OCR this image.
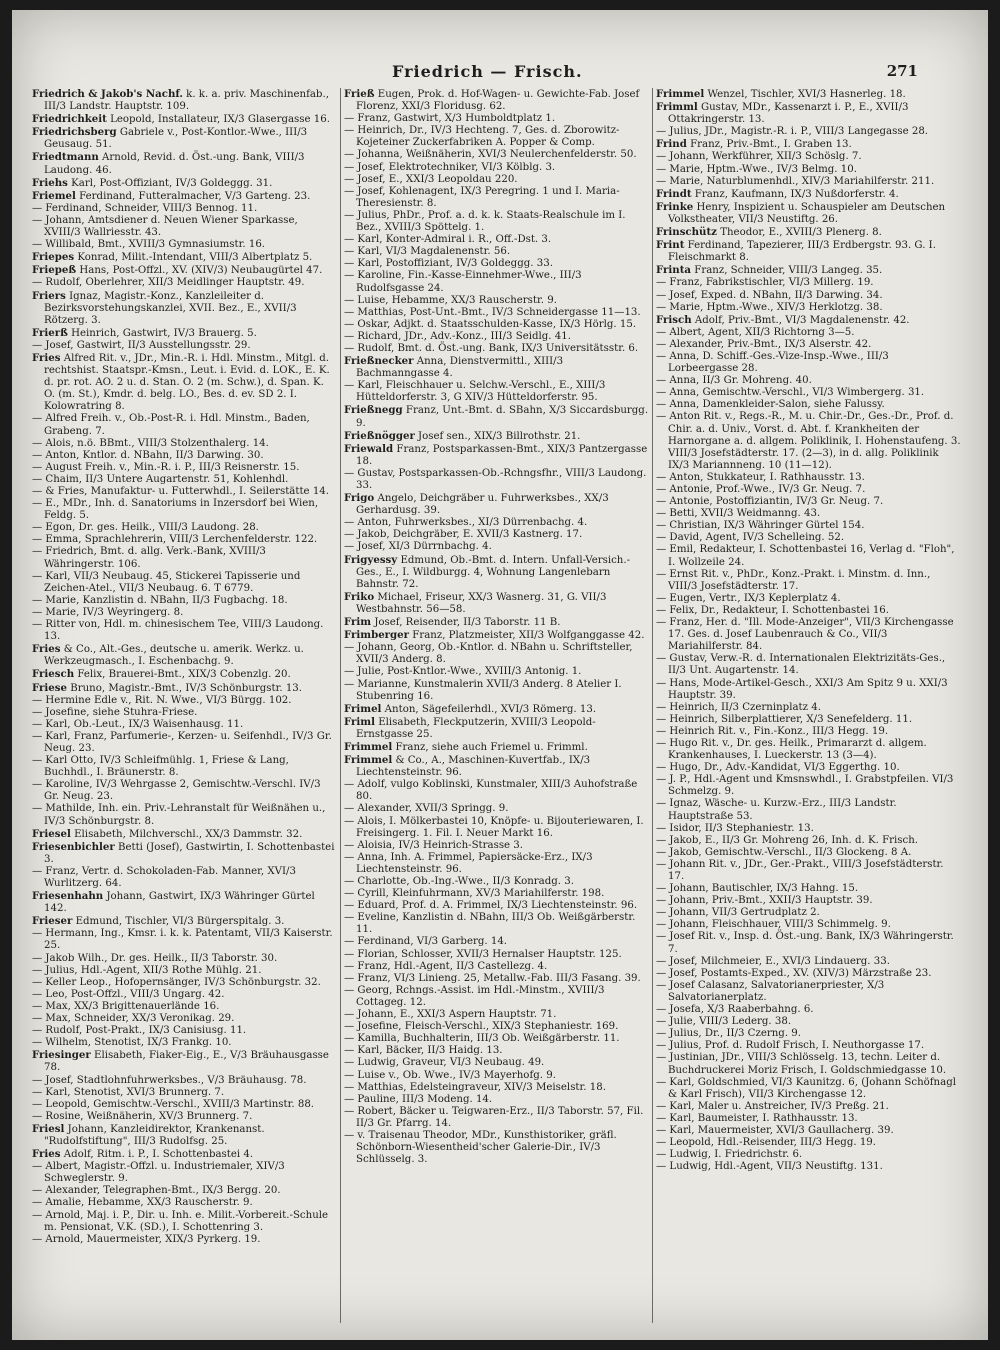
Friedrich — Frisch.	271

Friedrich & Jakob's Nachf. k. k. a. priv. Maschinenfab., III/3 Landstr. Hauptstr. 109.

Friedrichkeit Leopold, Installateur, IX/3 Glasergasse 16.

Friedrichsberg Gabriele v., Post-Kontlor.-Wwe., III/3 Geusaug. 51.

Friedtmann Arnold, Revid. d. Öst.-ung. Bank, VIII/3 Laudong. 46.

Friehs Karl, Post-Offiziant, IV/3 Goldeggg. 31.

Friemel Ferdinand, Futteralmacher, V/3 Garteng. 23.

— Ferdinand, Schneider, VIII/3 Bennog. 11.

— Johann, Amtsdiener d. Neuen Wiener Sparkasse, XVIII/3 Wallriesstr. 43.

— Willibald, Bmt., XVIII/3 Gymnasiumstr. 16.

Friepes Konrad, Milit.-Intendant, VIII/3 Albertplatz 5.

Friepeß Hans, Post-Offzl., XV. (XIV/3) Neubaugürtel 47.

— Rudolf, Oberlehrer, XII/3 Meidlinger Hauptstr. 49.

Friers Ignaz, Magistr.-Konz., Kanzleileiter d. Bezirksvorstehungskanzlei, XVII. Bez., E., XVII/3 Rötzerg. 3.

Frierß Heinrich, Gastwirt, IV/3 Brauerg. 5.

— Josef, Gastwirt, II/3 Ausstellungsstr. 29.

Fries Alfred Rit. v., JDr., Min.-R. i. Hdl. Minstm., Mitgl. d. rechtshist. Staatspr.-Kmsn., Leut. i. Evid. d. LOK., E. K. d. pr. rot. AO. 2 u. d. Stan. O. 2 (m. Schw.), d. Span. K. O. (m. St.), Kmdr. d. belg. LO., Bes. d. ev. SD 2. I. Kolowratring 8.

— Alfred Freih. v., Ob.-Post-R. i. Hdl. Minstm., Baden, Grabeng. 7.

— Alois, n.ö. BBmt., VIII/3 Stolzenthalerg. 14.

— Anton, Kntlor. d. NBahn, II/3 Darwing. 30.

— August Freih. v., Min.-R. i. P., III/3 Reisnerstr. 15.

— Chaim, II/3 Untere Augartenstr. 51, Kohlenhdl.

— & Fries, Manufaktur- u. Futterwhdl., I. Seilerstätte 14.

— E., MDr., Inh. d. Sanatoriums in Inzersdorf bei Wien, Feldg. 5.

— Egon, Dr. ges. Heilk., VIII/3 Laudong. 28.

— Emma, Sprachlehrerin, VIII/3 Lerchenfelderstr. 122.

— Friedrich, Bmt. d. allg. Verk.-Bank, XVIII/3 Währingerstr. 106.

— Karl, VII/3 Neubaug. 45, Stickerei Tapisserie und Zeichen-Atel., VII/3 Neubaug. 6. T 6779.

— Marie, Kanzlistin d. NBahn, II/3 Fugbachg. 18.

— Marie, IV/3 Weyringerg. 8.

— Ritter von, Hdl. m. chinesischem Tee, VIII/3 Laudong. 13.

Fries & Co., Alt.-Ges., deutsche u. amerik. Werkz. u. Werkzeugmasch., I. Eschenbachg. 9.

Friesch Felix, Brauerei-Bmt., XIX/3 Cobenzlg. 20.

Friese Bruno, Magistr.-Bmt., IV/3 Schönburgstr. 13.

— Hermine Edle v., Rit. N. Wwe., VI/3 Bürgg. 102.

— Josefine, siehe Stuhra-Friese.

— Karl, Ob.-Leut., IX/3 Waisenhausg. 11.

— Karl, Franz, Parfumerie-, Kerzen- u. Seifenhdl., IV/3 Gr. Neug. 23.

— Karl Otto, IV/3 Schleifmühlg. 1, Friese & Lang, Buchhdl., I. Bräunerstr. 8.

— Karoline, IV/3 Wehrgasse 2, Gemischtw.-Verschl. IV/3 Gr. Neug. 23.

— Mathilde, Inh. ein. Priv.-Lehranstalt für Weißnähen u., IV/3 Schönburgstr. 8.

Friesel Elisabeth, Milchverschl., XX/3 Dammstr. 32.

Friesenbichler Betti (Josef), Gastwirtin, I. Schottenbastei 3.

— Franz, Vertr. d. Schokoladen-Fab. Manner, XVI/3 Wurlitzerg. 64.

Friesenhahn Johann, Gastwirt, IX/3 Währinger Gürtel 142.

Frieser Edmund, Tischler, VI/3 Bürgerspitalg. 3.

— Hermann, Ing., Kmsr. i. k. k. Patentamt, VII/3 Kaiserstr. 25.

— Jakob Wilh., Dr. ges. Heilk., II/3 Taborstr. 30.

— Julius, Hdl.-Agent, XII/3 Rothe Mühlg. 21.

— Keller Leop., Hofopernsänger, IV/3 Schönburgstr. 32.

— Leo, Post-Offzl., VIII/3 Ungarg. 42.

— Max, XX/3 Brigittenauerlände 16.

— Max, Schneider, XX/3 Veronikag. 29.

— Rudolf, Post-Prakt., IX/3 Canisiusg. 11.

— Wilhelm, Stenotist, IX/3 Frankg. 10.

Friesinger Elisabeth, Fiaker-Eig., E., V/3 Bräuhausgasse 78.

— Josef, Stadtlohnfuhrwerksbes., V/3 Bräuhausg. 78.

— Karl, Stenotist, XVI/3 Brunnerg. 7.

— Leopold, Gemischtw.-Verschl., XVIII/3 Martinstr. 88.

— Rosine, Weißnäherin, XV/3 Brunnerg. 7.

Friesl Johann, Kanzleidirektor, Krankenanst. "Rudolfstiftung", III/3 Rudolfsg. 25.

Fries Adolf, Ritm. i. P., I. Schottenbastei 4.

— Albert, Magistr.-Offzl. u. Industriemaler, XIV/3 Schweglerstr. 9.

— Alexander, Telegraphen-Bmt., IX/3 Bergg. 20.

— Amalie, Hebamme, XX/3 Rauscherstr. 9.

— Arnold, Maj. i. P., Dir. u. Inh. e. Milit.-Vorbereit.-Schule m. Pensionat, V.K. (SD.), I. Schottenring 3.

— Arnold, Mauermeister, XIX/3 Pyrkerg. 19.

Frieß Eugen, Prok. d. Hof-Wagen- u. Gewichte-Fab. Josef Florenz, XXI/3 Floridusg. 62.

— Franz, Gastwirt, X/3 Humboldtplatz 1.

— Heinrich, Dr., IV/3 Hechteng. 7, Ges. d. Zborowitz-Kojeteiner Zuckerfabriken A. Popper & Comp.

— Johanna, Weißnäherin, XVI/3 Neulerchenfelderstr. 50.

— Josef, Elektrotechniker, VI/3 Kölblg. 3.

— Josef, E., XXI/3 Leopoldau 220.

— Josef, Kohlenagent, IX/3 Peregring. 1 und I. Maria-Theresienstr. 8.

— Julius, PhDr., Prof. a. d. k. k. Staats-Realschule im I. Bez., XVIII/3 Spöttelg. 1.

— Karl, Konter-Admiral i. R., Off.-Dst. 3.

— Karl, VI/3 Magdalenenstr. 56.

— Karl, Postoffiziant, IV/3 Goldeggg. 33.

— Karoline, Fin.-Kasse-Einnehmer-Wwe., III/3 Rudolfsgasse 24.

— Luise, Hebamme, XX/3 Rauscherstr. 9.

— Matthias, Post-Unt.-Bmt., IV/3 Schneidergasse 11—13.

— Oskar, Adjkt. d. Staatsschulden-Kasse, IX/3 Hörlg. 15.

— Richard, JDr., Adv.-Konz., III/3 Seidlg. 41.

— Rudolf, Bmt. d. Öst.-ung. Bank, IX/3 Universitätsstr. 6.

Frießnecker Anna, Dienstvermittl., XIII/3 Bachmanngasse 4.

— Karl, Fleischhauer u. Selchw.-Verschl., E., XIII/3 Hütteldorferstr. 3, G XIV/3 Hütteldorferstr. 95.

Frießnegg Franz, Unt.-Bmt. d. SBahn, X/3 Siccardsburgg. 9.

Frießnögger Josef sen., XIX/3 Billrothstr. 21.

Friewald Franz, Postsparkassen-Bmt., XIX/3 Pantzergasse 18.

— Gustav, Postsparkassen-Ob.-Rchngsfhr., VIII/3 Laudong. 33.

Frigo Angelo, Deichgräber u. Fuhrwerksbes., XX/3 Gerhardusg. 39.

— Anton, Fuhrwerksbes., XI/3 Dürrenbachg. 4.

— Jakob, Deichgräber, E. XVII/3 Kastnerg. 17.

— Josef, XI/3 Dürrnbachg. 4.

Frigyessy Edmund, Ob.-Bmt. d. Intern. Unfall-Versich.-Ges., E., I. Wildburgg. 4, Wohnung Langenlebarn Bahnstr. 72.

Friko Michael, Friseur, XX/3 Wasnerg. 31, G. VII/3 Westbahnstr. 56—58.

Frim Josef, Reisender, II/3 Taborstr. 11 B.

Frimberger Franz, Platzmeister, XII/3 Wolfganggasse 42.

— Johann, Georg, Ob.-Kntlor. d. NBahn u. Schriftsteller, XVII/3 Anderg. 8.

— Julie, Post-Kntlor.-Wwe., XVIII/3 Antonig. 1.

— Marianne, Kunstmalerin XVII/3 Anderg. 8 Atelier I. Stubenring 16.

Frimel Anton, Sägefeilerhdl., XVI/3 Römerg. 13.

Friml Elisabeth, Fleckputzerin, XVIII/3 Leopold-Ernstgasse 25.

Frimmel Franz, siehe auch Friemel u. Frimml.

Frimmel & Co., A., Maschinen-Kuvertfab., IX/3 Liechtensteinstr. 96.

— Adolf, vulgo Koblinski, Kunstmaler, XIII/3 Auhofstraße 80.

— Alexander, XVII/3 Springg. 9.

— Alois, I. Mölkerbastei 10, Knöpfe- u. Bijouteriewaren, I. Freisingerg. 1. Fil. I. Neuer Markt 16.

— Aloisia, IV/3 Heinrich-Strasse 3.

— Anna, Inh. A. Frimmel, Papiersäcke-Erz., IX/3 Liechtensteinstr. 96.

— Charlotte, Ob.-Ing.-Wwe., II/3 Konradg. 3.

— Cyrill, Kleinfuhrmann, XV/3 Mariahilferstr. 198.

— Eduard, Prof. d. A. Frimmel, IX/3 Liechtensteinstr. 96.

— Eveline, Kanzlistin d. NBahn, III/3 Ob. Weißgärberstr. 11.

— Ferdinand, VI/3 Garberg. 14.

— Florian, Schlosser, XVII/3 Hernalser Hauptstr. 125.

— Franz, Hdl.-Agent, II/3 Castellezg. 4.

— Franz, VI/3 Linieng. 25, Metallw.-Fab. III/3 Fasang. 39.

— Georg, Rchngs.-Assist. im Hdl.-Minstm., XVIII/3 Cottageg. 12.

— Johann, E., XXI/3 Aspern Hauptstr. 71.

— Josefine, Fleisch-Verschl., XIX/3 Stephaniestr. 169.

— Kamilla, Buchhalterin, III/3 Ob. Weißgärberstr. 11.

— Karl, Bäcker, II/3 Haidg. 13.

— Ludwig, Graveur, VI/3 Neubaug. 49.

— Luise v., Ob. Wwe., IV/3 Mayerhofg. 9.

— Matthias, Edelsteingraveur, XIV/3 Meiselstr. 18.

— Pauline, III/3 Modeng. 14.

— Robert, Bäcker u. Teigwaren-Erz., II/3 Taborstr. 57, Fil. II/3 Gr. Pfarrg. 14.

— v. Traisenau Theodor, MDr., Kunsthistoriker, gräfl. Schönborn-Wiesentheid'scher Galerie-Dir., IV/3 Schlüsselg. 3.

Frimmel Wenzel, Tischler, XVI/3 Hasnerleg. 18.

Frimml Gustav, MDr., Kassenarzt i. P., E., XVII/3 Ottakringerstr. 13.

— Julius, JDr., Magistr.-R. i. P., VIII/3 Langegasse 28.

Frind Franz, Priv.-Bmt., I. Graben 13.

— Johann, Werkführer, XII/3 Schöslg. 7.

— Marie, Hptm.-Wwe., IV/3 Belmg. 10.

— Marie, Naturblumenhdl., XIV/3 Mariahilferstr. 211.

Frindt Franz, Kaufmann, IX/3 Nußdorferstr. 4.

Frinke Henry, Inspizient u. Schauspieler am Deutschen Volkstheater, VII/3 Neustiftg. 26.

Frinschütz Theodor, E., XVIII/3 Plenerg. 8.

Frint Ferdinand, Tapezierer, III/3 Erdbergstr. 93. G. I. Fleischmarkt 8.

Frinta Franz, Schneider, VIII/3 Langeg. 35.

— Franz, Fabrikstischler, VI/3 Millerg. 19.

— Josef, Exped. d. NBahn, II/3 Darwing. 34.

— Marie, Hptm.-Wwe., XIV/3 Herklotzg. 38.

Frisch Adolf, Priv.-Bmt., VI/3 Magdalenenstr. 42.

— Albert, Agent, XII/3 Richtorng 3—5.

— Alexander, Priv.-Bmt., IX/3 Alserstr. 42.

— Anna, D. Schiff.-Ges.-Vize-Insp.-Wwe., III/3 Lorbeergasse 28.

— Anna, II/3 Gr. Mohreng. 40.

— Anna, Gemischtw.-Verschl., VI/3 Wimbergerg. 31.

— Anna, Damenkleider-Salon, siehe Falussy.

— Anton Rit. v., Regs.-R., M. u. Chir.-Dr., Ges.-Dr., Prof. d. Chir. a. d. Univ., Vorst. d. Abt. f. Krankheiten der Harnorgane a. d. allgem. Poliklinik, I. Hohenstaufeng. 3. VIII/3 Josefstädterstr. 17. (2—3), in d. allg. Poliklinik IX/3 Mariannneng. 10 (11—12).

— Anton, Stukkateur, I. Rathhausstr. 13.

— Antonie, Prof.-Wwe., IV/3 Gr. Neug. 7.

— Antonie, Postoffiziantin, IV/3 Gr. Neug. 7.

— Betti, XVII/3 Weidmanng. 43.

— Christian, IX/3 Währinger Gürtel 154.

— David, Agent, IV/3 Schelleing. 52.

— Emil, Redakteur, I. Schottenbastei 16, Verlag d. "Floh", I. Wollzeile 24.

— Ernst Rit. v., PhDr., Konz.-Prakt. i. Minstm. d. Inn., VIII/3 Josefstädterstr. 17.

— Eugen, Vertr., IX/3 Keplerplatz 4.

— Felix, Dr., Redakteur, I. Schottenbastei 16.

— Franz, Her. d. "Ill. Mode-Anzeiger", VII/3 Kirchengasse 17. Ges. d. Josef Laubenrauch & Co., VII/3 Mariahilferstr. 84.

— Gustav, Verw.-R. d. Internationalen Elektrizitäts-Ges., II/3 Unt. Augartenstr. 14.

— Hans, Mode-Artikel-Gesch., XXI/3 Am Spitz 9 u. XXI/3 Hauptstr. 39.

— Heinrich, II/3 Czerninplatz 4.

— Heinrich, Silberplattierer, X/3 Senefelderg. 11.

— Heinrich Rit. v., Fin.-Konz., III/3 Hegg. 19.

— Hugo Rit. v., Dr. ges. Heilk., Primararzt d. allgem. Krankenhauses, I. Lueckerstr. 13 (3—4).

— Hugo, Dr., Adv.-Kandidat, VI/3 Eggerthg. 10.

— J. P., Hdl.-Agent und Kmsnswhdl., I. Grabstpfeilen. VI/3 Schmelzg. 9.

— Ignaz, Wäsche- u. Kurzw.-Erz., III/3 Landstr. Hauptstraße 53.

— Isidor, II/3 Stephaniestr. 13.

— Jakob, E., II/3 Gr. Mohreng 26, Inh. d. K. Frisch.

— Jakob, Gemischtw.-Verschl., II/3 Glockeng. 8 A.

— Johann Rit. v., JDr., Ger.-Prakt., VIII/3 Josefstädterstr. 17.

— Johann, Bautischler, IX/3 Hahng. 15.

— Johann, Priv.-Bmt., XXII/3 Hauptstr. 39.

— Johann, VII/3 Gertrudplatz 2.

— Johann, Fleischhauer, VIII/3 Schimmelg. 9.

— Josef Rit. v., Insp. d. Öst.-ung. Bank, IX/3 Währingerstr. 7.

— Josef, Milchmeier, E., XVI/3 Lindauerg. 33.

— Josef, Postamts-Exped., XV. (XIV/3) Märzstraße 23.

— Josef Calasanz, Salvatorianerpriester, X/3 Salvatorianerplatz.

— Josefa, X/3 Raaberbahng. 6.

— Julie, VIII/3 Lederg. 38.

— Julius, Dr., II/3 Czerng. 9.

— Julius, Prof. d. Rudolf Frisch, I. Neuthorgasse 17.

— Justinian, JDr., VIII/3 Schlösselg. 13, techn. Leiter d. Buchdruckerei Moriz Frisch, I. Goldschmiedgasse 10.

— Karl, Goldschmied, VI/3 Kaunitzg. 6, (Johann Schöfnagl & Karl Frisch), VII/3 Kirchengasse 12.

— Karl, Maler u. Anstreicher, IV/3 Preßg. 21.

— Karl, Baumeister, I. Rathhausstr. 13.

— Karl, Mauermeister, XVI/3 Gaullacherg. 39.

— Leopold, Hdl.-Reisender, III/3 Hegg. 19.

— Ludwig, I. Friedrichstr. 6.

— Ludwig, Hdl.-Agent, VII/3 Neustiftg. 131.
